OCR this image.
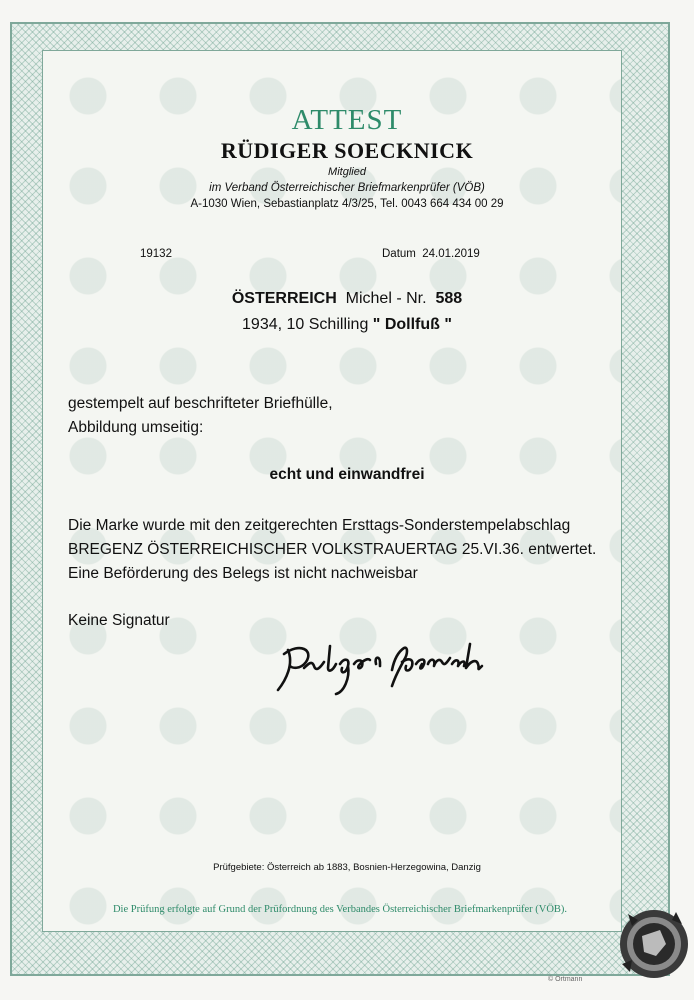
ATTEST
RÜDIGER SOECKNICK
Mitglied
im Verband Österreichischer Briefmarkenprüfer (VÖB)
A-1030 Wien, Sebastianplatz 4/3/25, Tel. 0043 664 434 00 29
19132	Datum 24.01.2019
ÖSTERREICH Michel - Nr. 588
1934, 10 Schilling " Dollfuß "
gestempelt auf beschrifteter Briefhülle,
Abbildung umseitig:
echt und einwandfrei
Die Marke wurde mit den zeitgerechten Ersttags-Sonderstempelabschlag
BREGENZ ÖSTERREICHISCHER VOLKSTRAUERTAG 25.VI.36. entwertet.
Eine Beförderung des Belegs ist nicht nachweisbar
Keine Signatur
Prüfgebiete: Österreich ab 1883, Bosnien-Herzegowina, Danzig
Die Prüfung erfolgte auf Grund der Prüfordnung des Verbandes Österreichischer Briefmarkenprüfer (VÖB).
© Ortmann
